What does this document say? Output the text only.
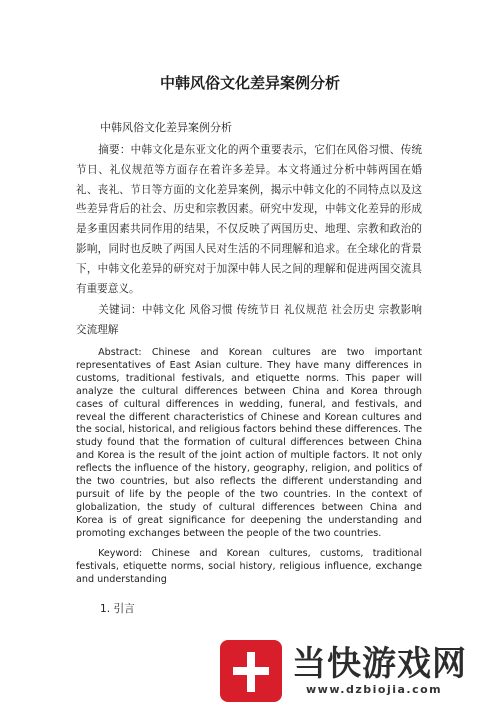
中韩风俗文化差异案例分析
中韩风俗文化差异案例分析
摘要：中韩文化是东亚文化的两个重要表示，它们在风俗习惯、传统节日、礼仪规范等方面存在着许多差异。本文将通过分析中韩两国在婚礼、丧礼、节日等方面的文化差异案例，揭示中韩文化的不同特点以及这些差异背后的社会、历史和宗教因素。研究中发现，中韩文化差异的形成是多重因素共同作用的结果，不仅反映了两国历史、地理、宗教和政治的影响，同时也反映了两国人民对生活的不同理解和追求。在全球化的背景下，中韩文化差异的研究对于加深中韩人民之间的理解和促进两国交流具有重要意义。
关键词：中韩文化 风俗习惯 传统节日 礼仪规范 社会历史 宗教影响 交流理解
Abstract: Chinese and Korean cultures are two important representatives of East Asian culture. They have many differences in customs, traditional festivals, and etiquette norms. This paper will analyze the cultural differences between China and Korea through cases of cultural differences in wedding, funeral, and festivals, and reveal the different characteristics of Chinese and Korean cultures and the social, historical, and religious factors behind these differences. The study found that the formation of cultural differences between China and Korea is the result of the joint action of multiple factors. It not only reflects the influence of the history, geography, religion, and politics of the two countries, but also reflects the different understanding and pursuit of life by the people of the two countries. In the context of globalization, the study of cultural differences between China and Korea is of great significance for deepening the understanding and promoting exchanges between the people of the two countries.
Keyword: Chinese and Korean cultures, customs, traditional festivals, etiquette norms, social history, religious influence, exchange and understanding
1. 引言
当快游戏网
www.dzbiojia.com
